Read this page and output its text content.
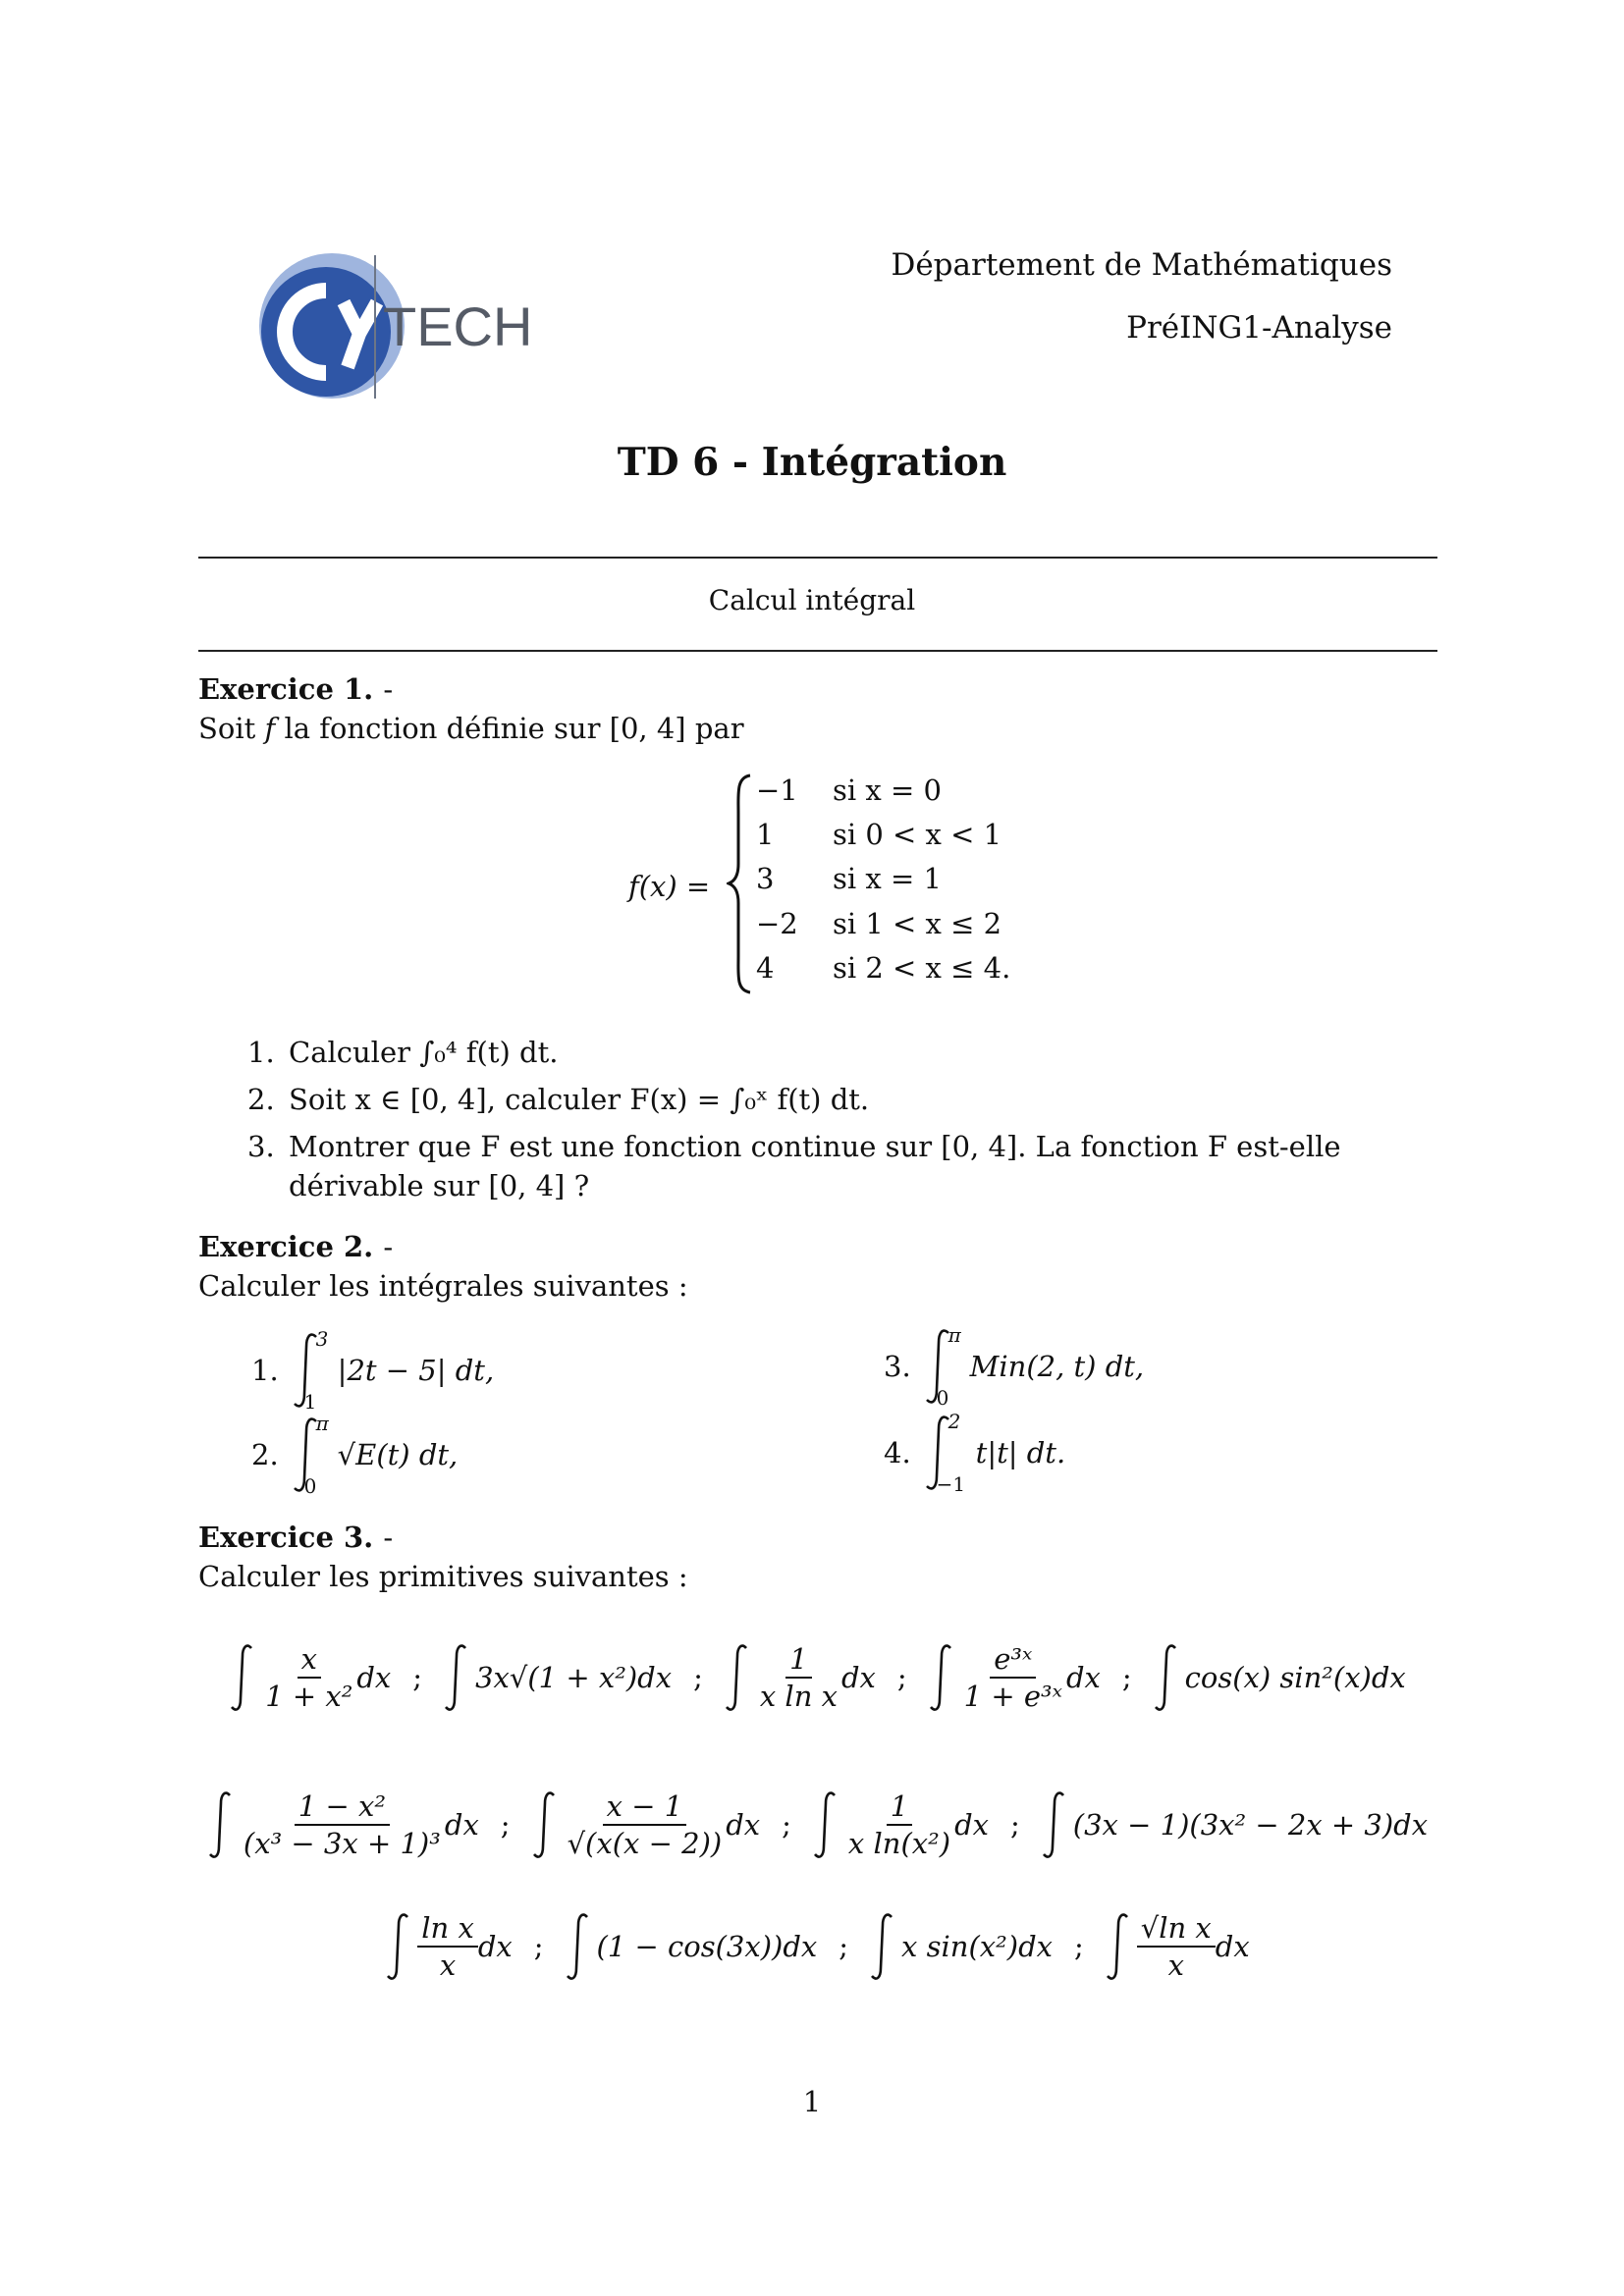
TECH
Département de Mathématiques
PréING1-Analyse
TD 6 - Intégration
Calcul intégral
Exercice 1. -
Soit f la fonction définie sur [0, 4] par
f(x) =
−1	si x = 0
1	si 0 < x < 1
3	si x = 1
−2	si 1 < x ≤ 2
4	si 2 < x ≤ 4.
1. Calculer ∫₀⁴ f(t) dt.
2. Soit x ∈ [0, 4], calculer F(x) = ∫₀ˣ f(t) dt.
3. Montrer que F est une fonction continue sur [0, 4]. La fonction F est-elle dérivable sur [0, 4] ?
Exercice 2. -
Calculer les intégrales suivantes :
1.
3
1
|2t − 5| dt,
2.
π
0
√E(t) dt,
3.
π
0
Min(2, t) dt,
4.
2
−1
t|t| dt.
Exercice 3. -
Calculer les primitives suivantes :
$\frac{x}{\text{1 + x²}}$ dx ; 3x√(1 + x²)dx ; $\frac{1}{\text{x ln x}}$ dx ; $\frac{\text{e³ˣ}}{\text{1 + e³ˣ}}$ dx ; cos(x) sin²(x)dx
$\frac{\text{1 − x²}}{\text{(x³ − 3x + 1)³}}$ dx ; $\frac{x - 1}{√(x(x - 2))}$ dx ; $\frac{1}{\text{x ln(x²)}}$ dx ; (3x − 1)(3x² − 2x + 3)dx
$\frac{\text{ln x}}{x}$ dx ; (1 − cos(3x))dx ; x sin(x²)dx ; $\frac{\text{√ln x}}{x}$ dx
1
